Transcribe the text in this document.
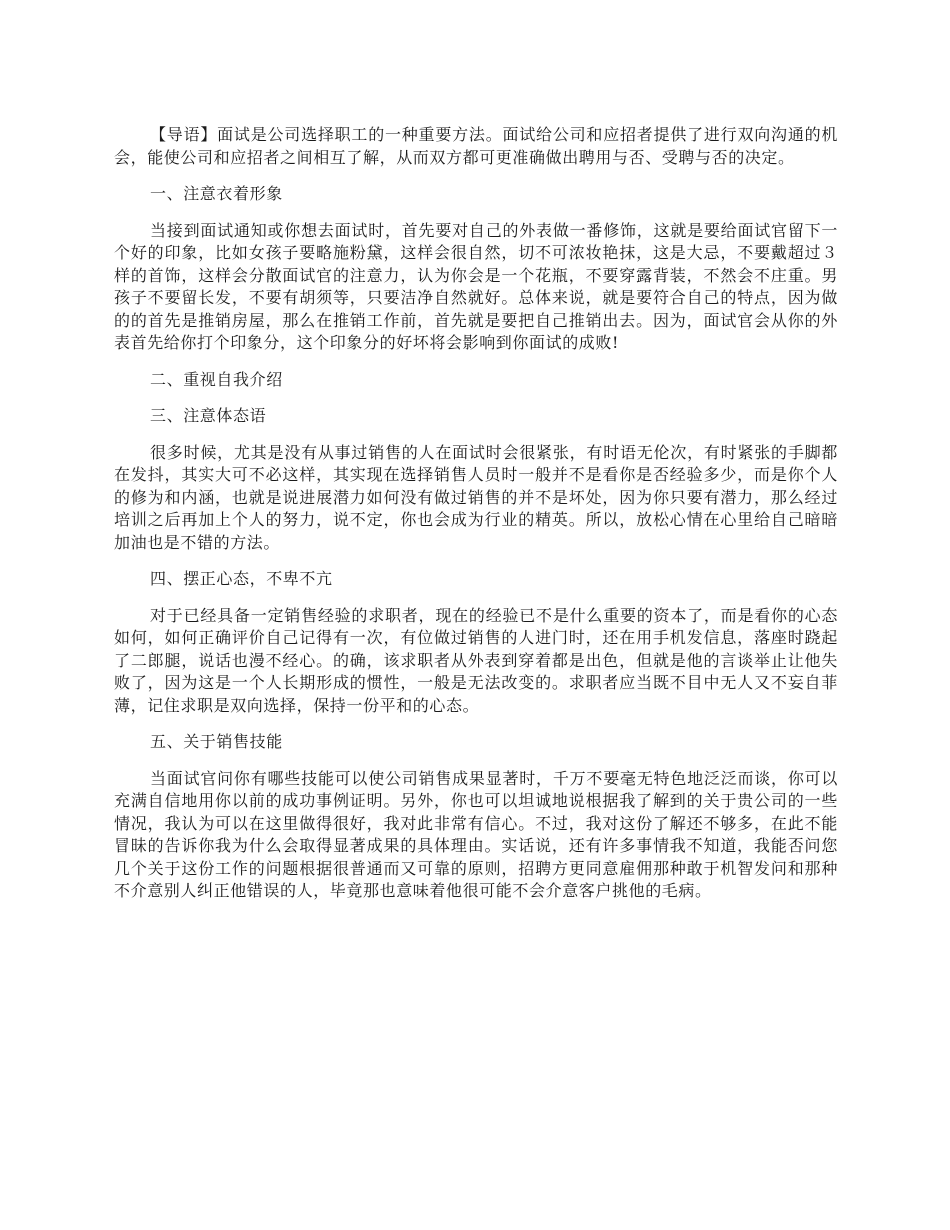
【导语】面试是公司选择职工的一种重要方法。面试给公司和应招者提供了进行双向沟通的机会，能使公司和应招者之间相互了解，从而双方都可更准确做出聘用与否、受聘与否的决定。

一、注意衣着形象

当接到面试通知或你想去面试时，首先要对自己的外表做一番修饰，这就是要给面试官留下一个好的印象，比如女孩子要略施粉黛，这样会很自然，切不可浓妆艳抹，这是大忌，不要戴超过３样的首饰，这样会分散面试官的注意力，认为你会是一个花瓶，不要穿露背装，不然会不庄重。男孩子不要留长发，不要有胡须等，只要洁净自然就好。总体来说，就是要符合自己的特点，因为做的的首先是推销房屋，那么在推销工作前，首先就是要把自己推销出去。因为，面试官会从你的外表首先给你打个印象分，这个印象分的好坏将会影响到你面试的成败!

二、重视自我介绍

三、注意体态语

很多时候，尤其是没有从事过销售的人在面试时会很紧张，有时语无伦次，有时紧张的手脚都在发抖，其实大可不必这样，其实现在选择销售人员时一般并不是看你是否经验多少，而是你个人的修为和内涵，也就是说进展潜力如何没有做过销售的并不是坏处，因为你只要有潜力，那么经过培训之后再加上个人的努力，说不定，你也会成为行业的精英。所以，放松心情在心里给自己暗暗加油也是不错的方法。

四、摆正心态，不卑不亢

对于已经具备一定销售经验的求职者，现在的经验已不是什么重要的资本了，而是看你的心态如何，如何正确评价自己记得有一次，有位做过销售的人进门时，还在用手机发信息，落座时跷起了二郎腿，说话也漫不经心。的确，该求职者从外表到穿着都是出色，但就是他的言谈举止让他失败了，因为这是一个人长期形成的惯性，一般是无法改变的。求职者应当既不目中无人又不妄自菲薄，记住求职是双向选择，保持一份平和的心态。

五、关于销售技能

当面试官问你有哪些技能可以使公司销售成果显著时，千万不要毫无特色地泛泛而谈，你可以充满自信地用你以前的成功事例证明。另外，你也可以坦诚地说根据我了解到的关于贵公司的一些情况，我认为可以在这里做得很好，我对此非常有信心。不过，我对这份了解还不够多，在此不能冒昧的告诉你我为什么会取得显著成果的具体理由。实话说，还有许多事情我不知道，我能否问您几个关于这份工作的问题根据很普通而又可靠的原则，招聘方更同意雇佣那种敢于机智发问和那种不介意别人纠正他错误的人，毕竟那也意味着他很可能不会介意客户挑他的毛病。
